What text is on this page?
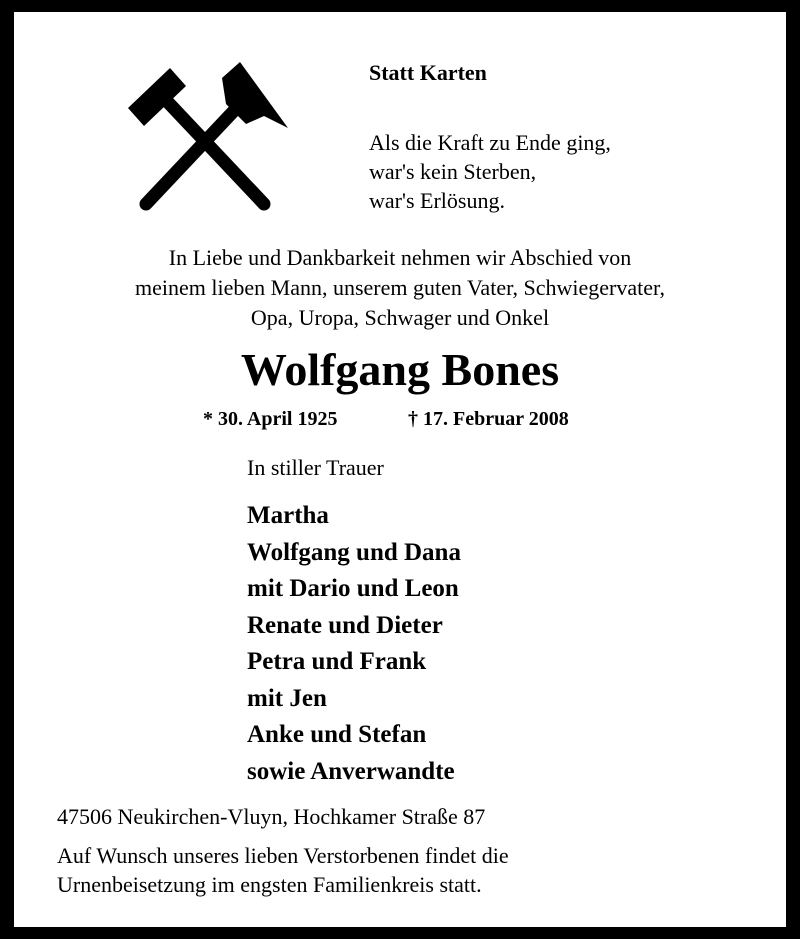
Statt Karten
Als die Kraft zu Ende ging,
war's kein Sterben,
war's Erlösung.
In Liebe und Dankbarkeit nehmen wir Abschied von
meinem lieben Mann, unserem guten Vater, Schwiegervater,
Opa, Uropa, Schwager und Onkel
Wolfgang Bones
* 30. April 1925	† 17. Februar 2008
In stiller Trauer
Martha
Wolfgang und Dana
mit Dario und Leon
Renate und Dieter
Petra und Frank
mit Jen
Anke und Stefan
sowie Anverwandte
47506 Neukirchen-Vluyn, Hochkamer Straße 87
Auf Wunsch unseres lieben Verstorbenen findet die
Urnenbeisetzung im engsten Familienkreis statt.
